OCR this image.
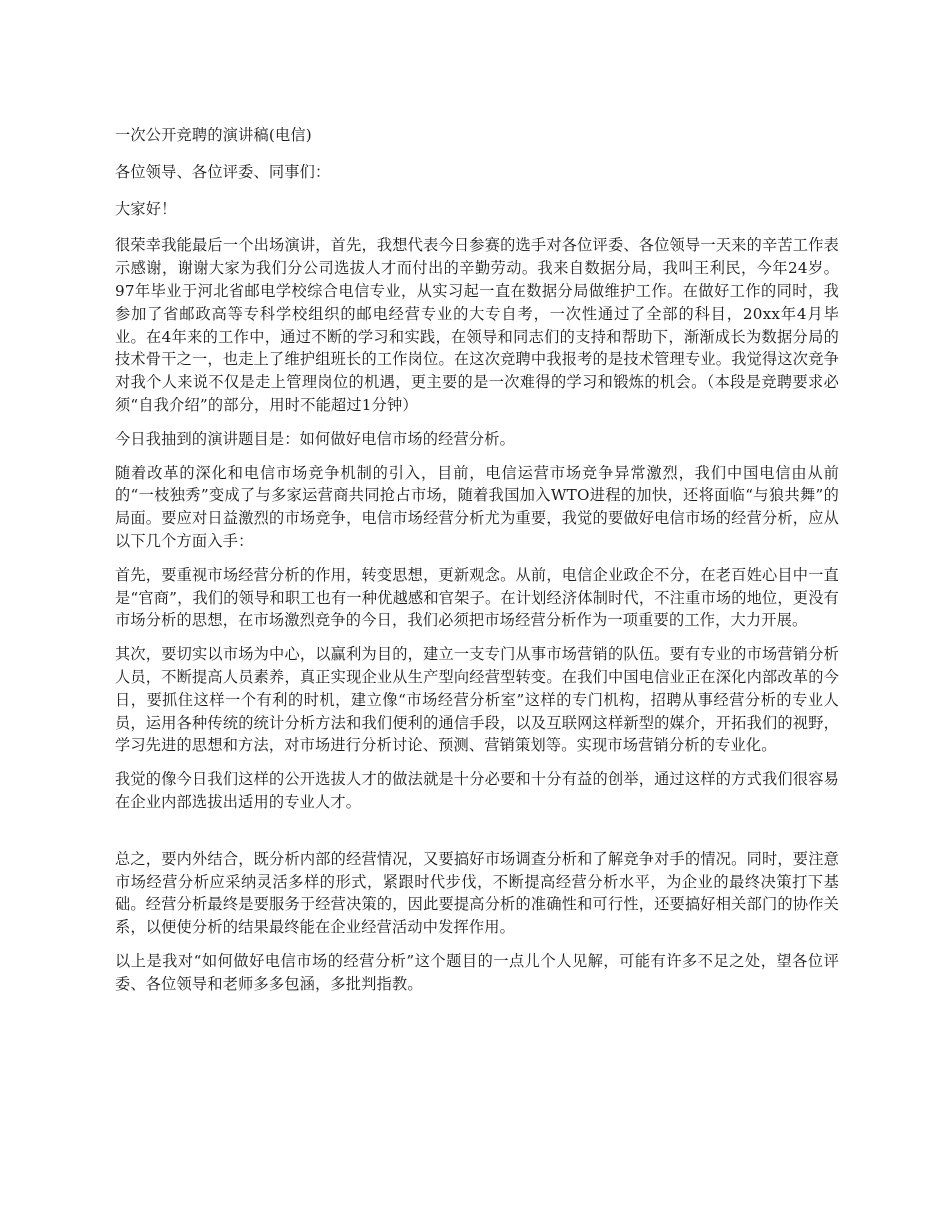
一次公开竞聘的演讲稿(电信)

各位领导、各位评委、同事们：

大家好！

很荣幸我能最后一个出场演讲，首先，我想代表今日参赛的选手对各位评委、各位领导一天来的辛苦工作表示感谢，谢谢大家为我们分公司选拔人才而付出的辛勤劳动。我来自数据分局，我叫王利民，今年24岁。97年毕业于河北省邮电学校综合电信专业，从实习起一直在数据分局做维护工作。在做好工作的同时，我参加了省邮政高等专科学校组织的邮电经营专业的大专自考，一次性通过了全部的科目，20xx年4月毕业。在4年来的工作中，通过不断的学习和实践，在领导和同志们的支持和帮助下，渐渐成长为数据分局的技术骨干之一，也走上了维护组班长的工作岗位。在这次竞聘中我报考的是技术管理专业。我觉得这次竞争对我个人来说不仅是走上管理岗位的机遇，更主要的是一次难得的学习和锻炼的机会。（本段是竞聘要求必须“自我介绍”的部分，用时不能超过1分钟）

今日我抽到的演讲题目是：如何做好电信市场的经营分析。

随着改革的深化和电信市场竞争机制的引入，目前，电信运营市场竞争异常激烈，我们中国电信由从前的“一枝独秀”变成了与多家运营商共同抢占市场，随着我国加入WTO进程的加快，还将面临“与狼共舞”的局面。要应对日益激烈的市场竞争，电信市场经营分析尤为重要，我觉的要做好电信市场的经营分析，应从以下几个方面入手：

首先，要重视市场经营分析的作用，转变思想，更新观念。从前，电信企业政企不分，在老百姓心目中一直是“官商”，我们的领导和职工也有一种优越感和官架子。在计划经济体制时代，不注重市场的地位，更没有市场分析的思想，在市场激烈竞争的今日，我们必须把市场经营分析作为一项重要的工作，大力开展。

其次，要切实以市场为中心，以赢利为目的，建立一支专门从事市场营销的队伍。要有专业的市场营销分析人员，不断提高人员素养，真正实现企业从生产型向经营型转变。在我们中国电信业正在深化内部改革的今日，要抓住这样一个有利的时机，建立像“市场经营分析室”这样的专门机构，招聘从事经营分析的专业人员，运用各种传统的统计分析方法和我们便利的通信手段，以及互联网这样新型的媒介，开拓我们的视野，学习先进的思想和方法，对市场进行分析讨论、预测、营销策划等。实现市场营销分析的专业化。

我觉的像今日我们这样的公开选拔人才的做法就是十分必要和十分有益的创举，通过这样的方式我们很容易在企业内部选拔出适用的专业人才。

总之，要内外结合，既分析内部的经营情况，又要搞好市场调查分析和了解竞争对手的情况。同时，要注意市场经营分析应采纳灵活多样的形式，紧跟时代步伐，不断提高经营分析水平，为企业的最终决策打下基础。经营分析最终是要服务于经营决策的，因此要提高分析的准确性和可行性，还要搞好相关部门的协作关系，以便使分析的结果最终能在企业经营活动中发挥作用。

以上是我对“如何做好电信市场的经营分析”这个题目的一点儿个人见解，可能有许多不足之处，望各位评委、各位领导和老师多多包涵，多批判指教。
